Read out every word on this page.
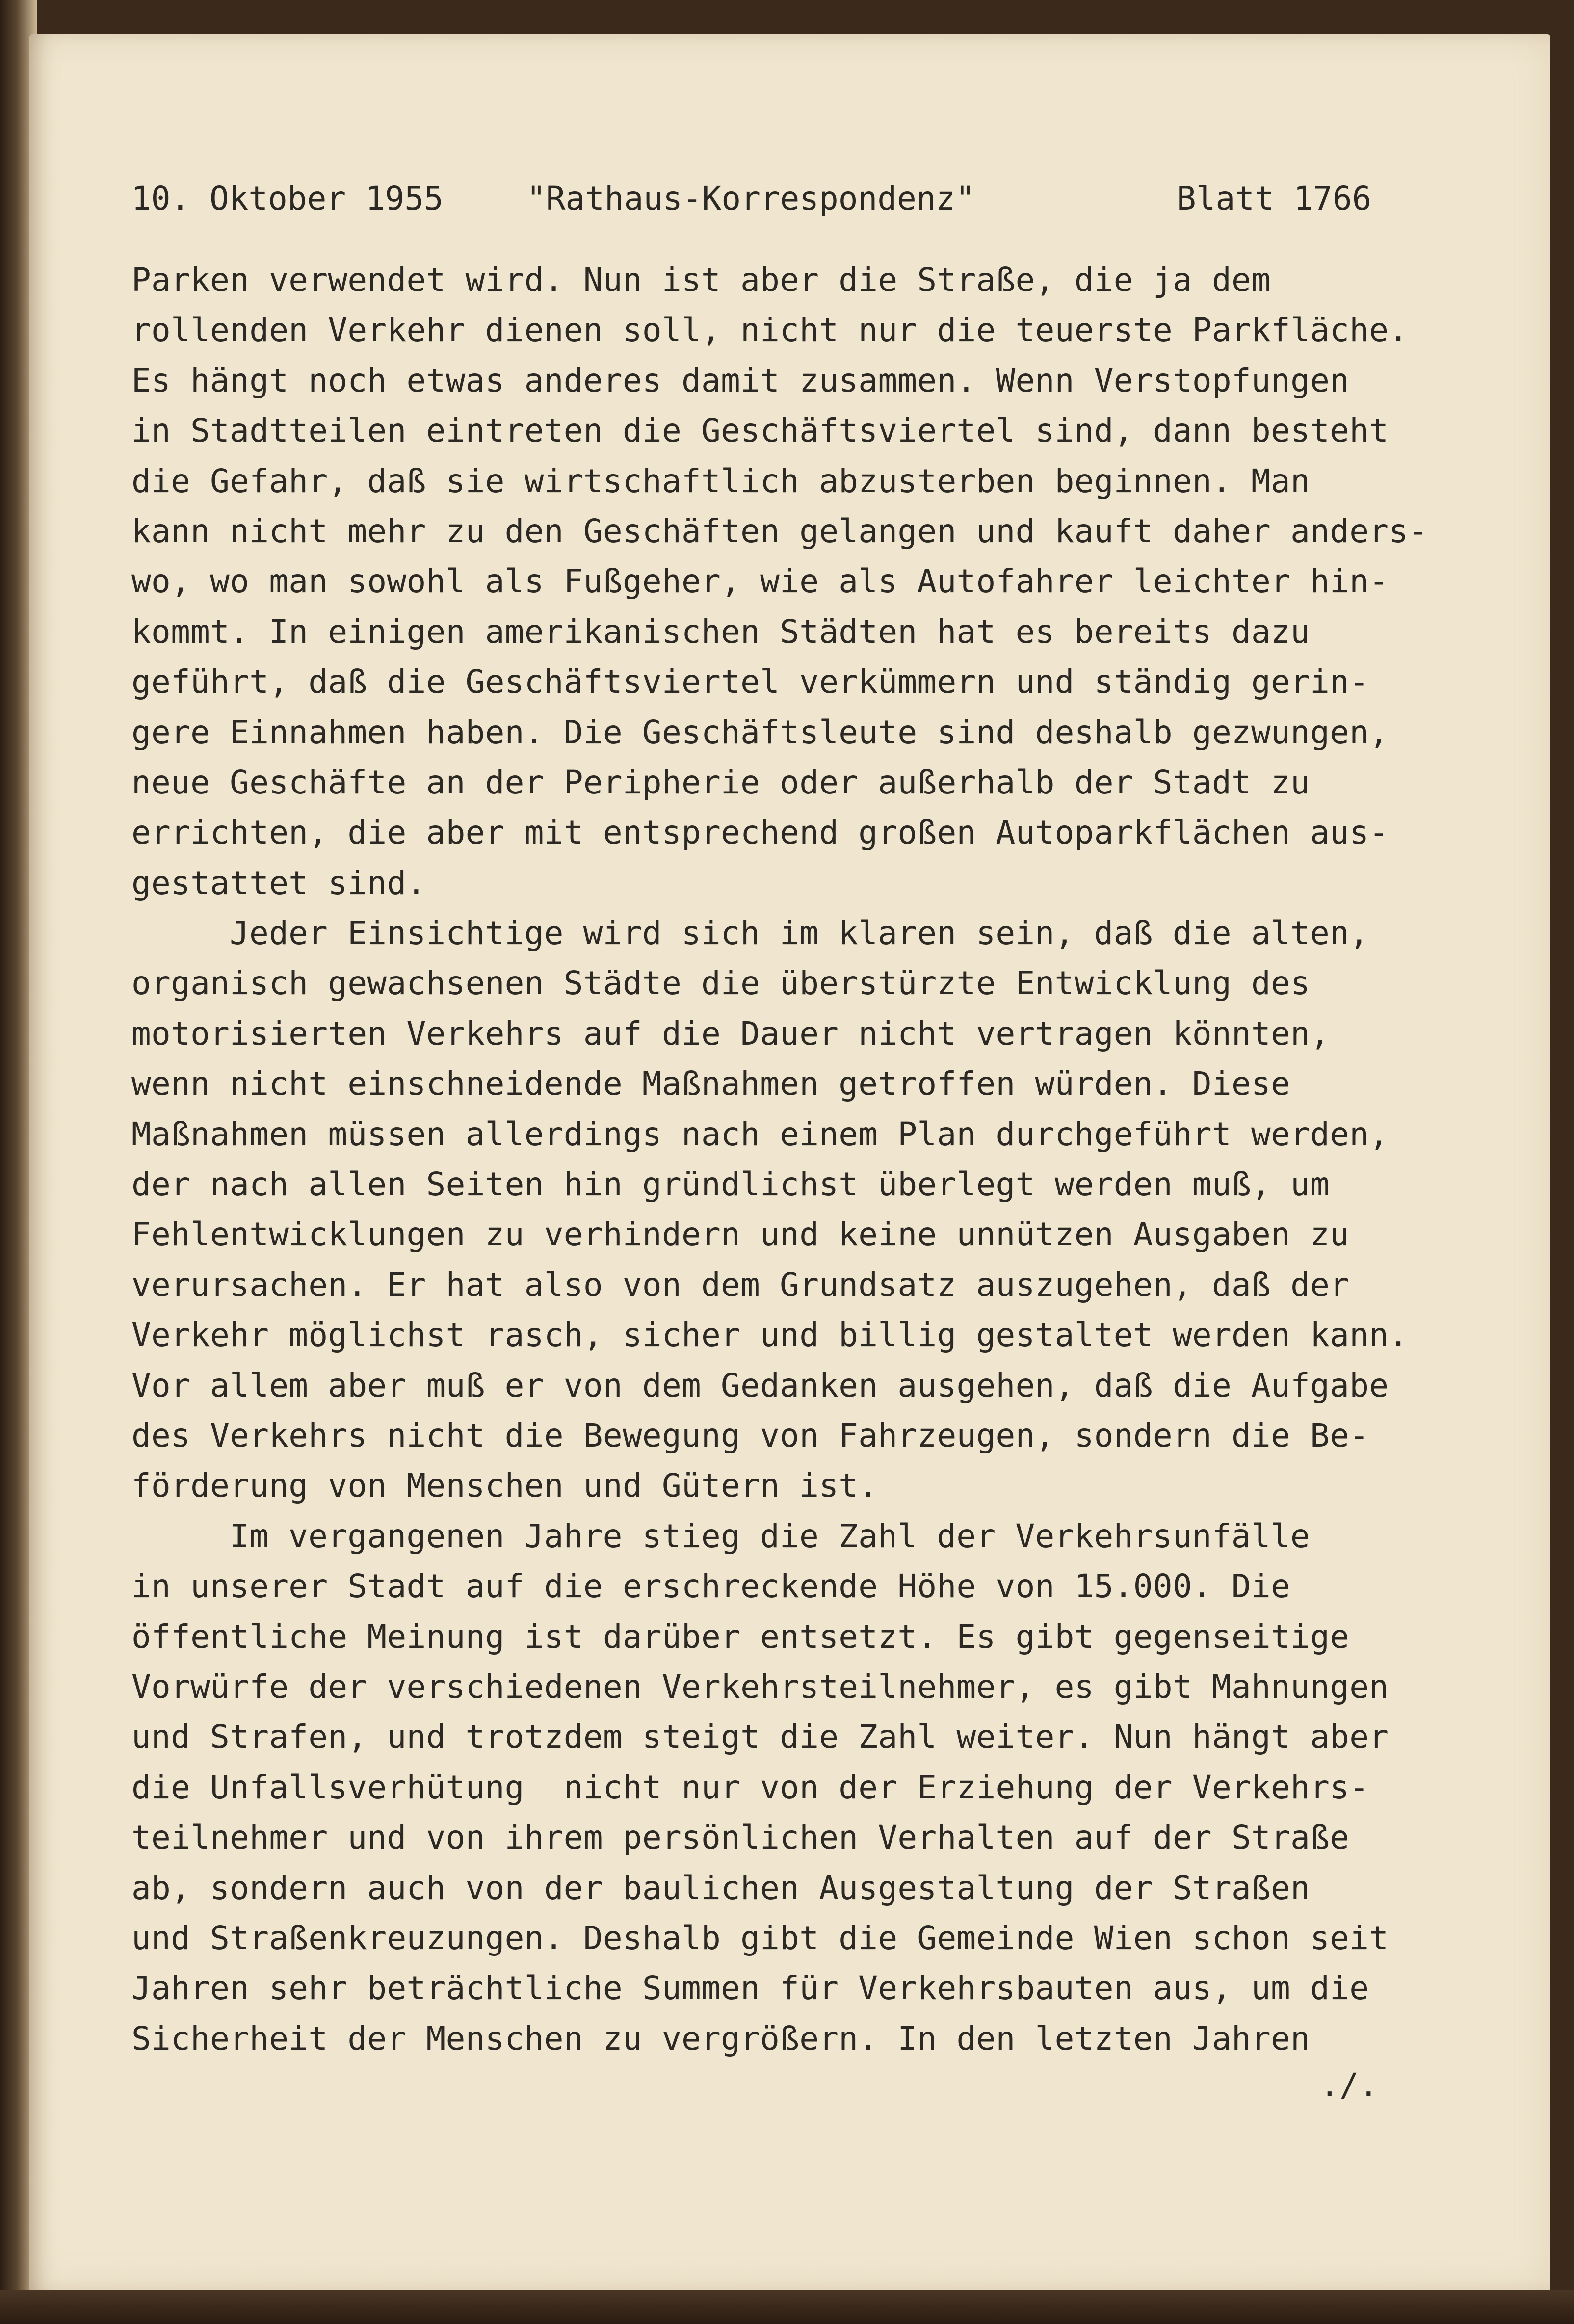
10. Oktober 1955	"Rathaus-Korrespondenz"	Blatt 1766
Parken verwendet wird. Nun ist aber die Straße, die ja dem
rollenden Verkehr dienen soll, nicht nur die teuerste Parkfläche.
Es hängt noch etwas anderes damit zusammen. Wenn Verstopfungen
in Stadtteilen eintreten die Geschäftsviertel sind, dann besteht
die Gefahr, daß sie wirtschaftlich abzusterben beginnen. Man
kann nicht mehr zu den Geschäften gelangen und kauft daher anders-
wo, wo man sowohl als Fußgeher, wie als Autofahrer leichter hin-
kommt. In einigen amerikanischen Städten hat es bereits dazu
geführt, daß die Geschäftsviertel verkümmern und ständig gerin-
gere Einnahmen haben. Die Geschäftsleute sind deshalb gezwungen,
neue Geschäfte an der Peripherie oder außerhalb der Stadt zu
errichten, die aber mit entsprechend großen Autoparkflächen aus-
gestattet sind.
Jeder Einsichtige wird sich im klaren sein, daß die alten,
organisch gewachsenen Städte die überstürzte Entwicklung des
motorisierten Verkehrs auf die Dauer nicht vertragen könnten,
wenn nicht einschneidende Maßnahmen getroffen würden. Diese
Maßnahmen müssen allerdings nach einem Plan durchgeführt werden,
der nach allen Seiten hin gründlichst überlegt werden muß, um
Fehlentwicklungen zu verhindern und keine unnützen Ausgaben zu
verursachen. Er hat also von dem Grundsatz auszugehen, daß der
Verkehr möglichst rasch, sicher und billig gestaltet werden kann.
Vor allem aber muß er von dem Gedanken ausgehen, daß die Aufgabe
des Verkehrs nicht die Bewegung von Fahrzeugen, sondern die Be-
förderung von Menschen und Gütern ist.
Im vergangenen Jahre stieg die Zahl der Verkehrsunfälle
in unserer Stadt auf die erschreckende Höhe von 15.000. Die
öffentliche Meinung ist darüber entsetzt. Es gibt gegenseitige
Vorwürfe der verschiedenen Verkehrsteilnehmer, es gibt Mahnungen
und Strafen, und trotzdem steigt die Zahl weiter. Nun hängt aber
die Unfallsverhütung  nicht nur von der Erziehung der Verkehrs-
teilnehmer und von ihrem persönlichen Verhalten auf der Straße
ab, sondern auch von der baulichen Ausgestaltung der Straßen
und Straßenkreuzungen. Deshalb gibt die Gemeinde Wien schon seit
Jahren sehr beträchtliche Summen für Verkehrsbauten aus, um die
Sicherheit der Menschen zu vergrößern. In den letzten Jahren
./.
